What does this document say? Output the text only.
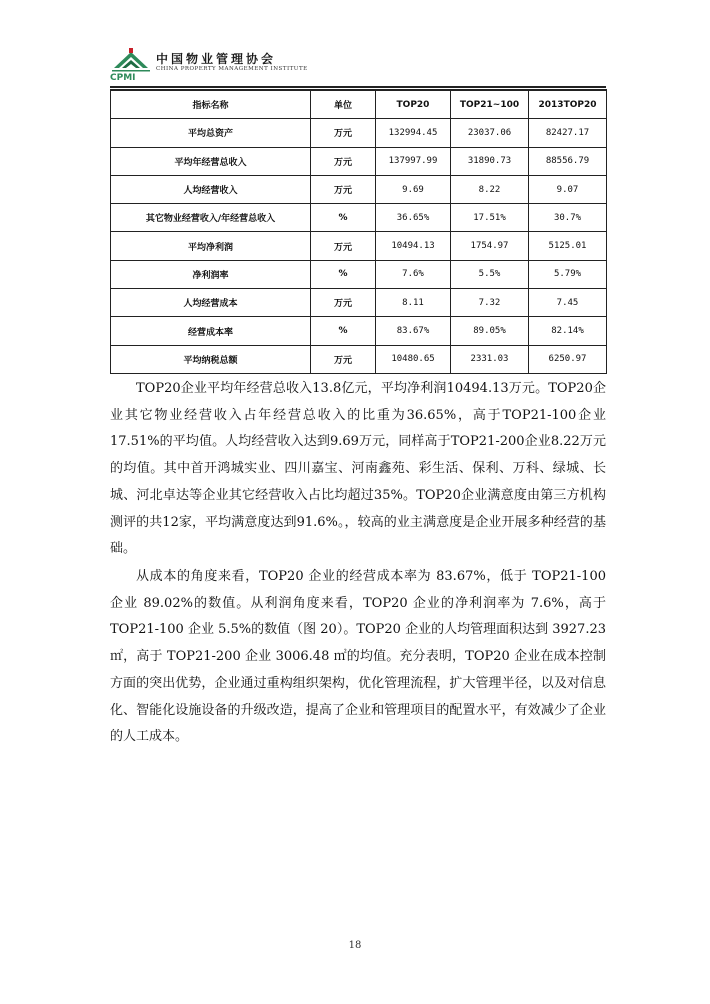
CPMI
中国物业管理协会
CHINA PROPERTY MANAGEMENT INSTITUTE
指标名称	单位	TOP20	TOP21~100	2013TOP20
平均总资产	万元	132994.45	23037.06	82427.17
平均年经营总收入	万元	137997.99	31890.73	88556.79
人均经营收入	万元	9.69	8.22	9.07
其它物业经营收入/年经营总收入	%	36.65%	17.51%	30.7%
平均净利润	万元	10494.13	1754.97	5125.01
净利润率	%	7.6%	5.5%	5.79%
人均经营成本	万元	8.11	7.32	7.45
经营成本率	%	83.67%	89.05%	82.14%
平均纳税总额	万元	10480.65	2331.03	6250.97

TOP20企业平均年经营总收入13.8亿元，平均净利润10494.13万元。TOP20企业其它物业经营收入占年经营总收入的比重为36.65%，高于TOP21-100企业17.51%的平均值。人均经营收入达到9.69万元，同样高于TOP21-200企业8.22万元的均值。其中首开鸿城实业、四川嘉宝、河南鑫苑、彩生活、保利、万科、绿城、长城、河北卓达等企业其它经营收入占比均超过35%。TOP20企业满意度由第三方机构测评的共12家，平均满意度达到91.6%。，较高的业主满意度是企业开展多种经营的基础。

从成本的角度来看，TOP20 企业的经营成本率为 83.67%，低于 TOP21-100 企业 89.02%的数值。从利润角度来看，TOP20 企业的净利润率为 7.6%，高于 TOP21-100 企业 5.5%的数值（图 20）。TOP20 企业的人均管理面积达到 3927.23 ㎡，高于 TOP21-200 企业 3006.48 ㎡的均值。充分表明，TOP20 企业在成本控制方面的突出优势，企业通过重构组织架构，优化管理流程，扩大管理半径，以及对信息化、智能化设施设备的升级改造，提高了企业和管理项目的配置水平，有效减少了企业的人工成本。

18
